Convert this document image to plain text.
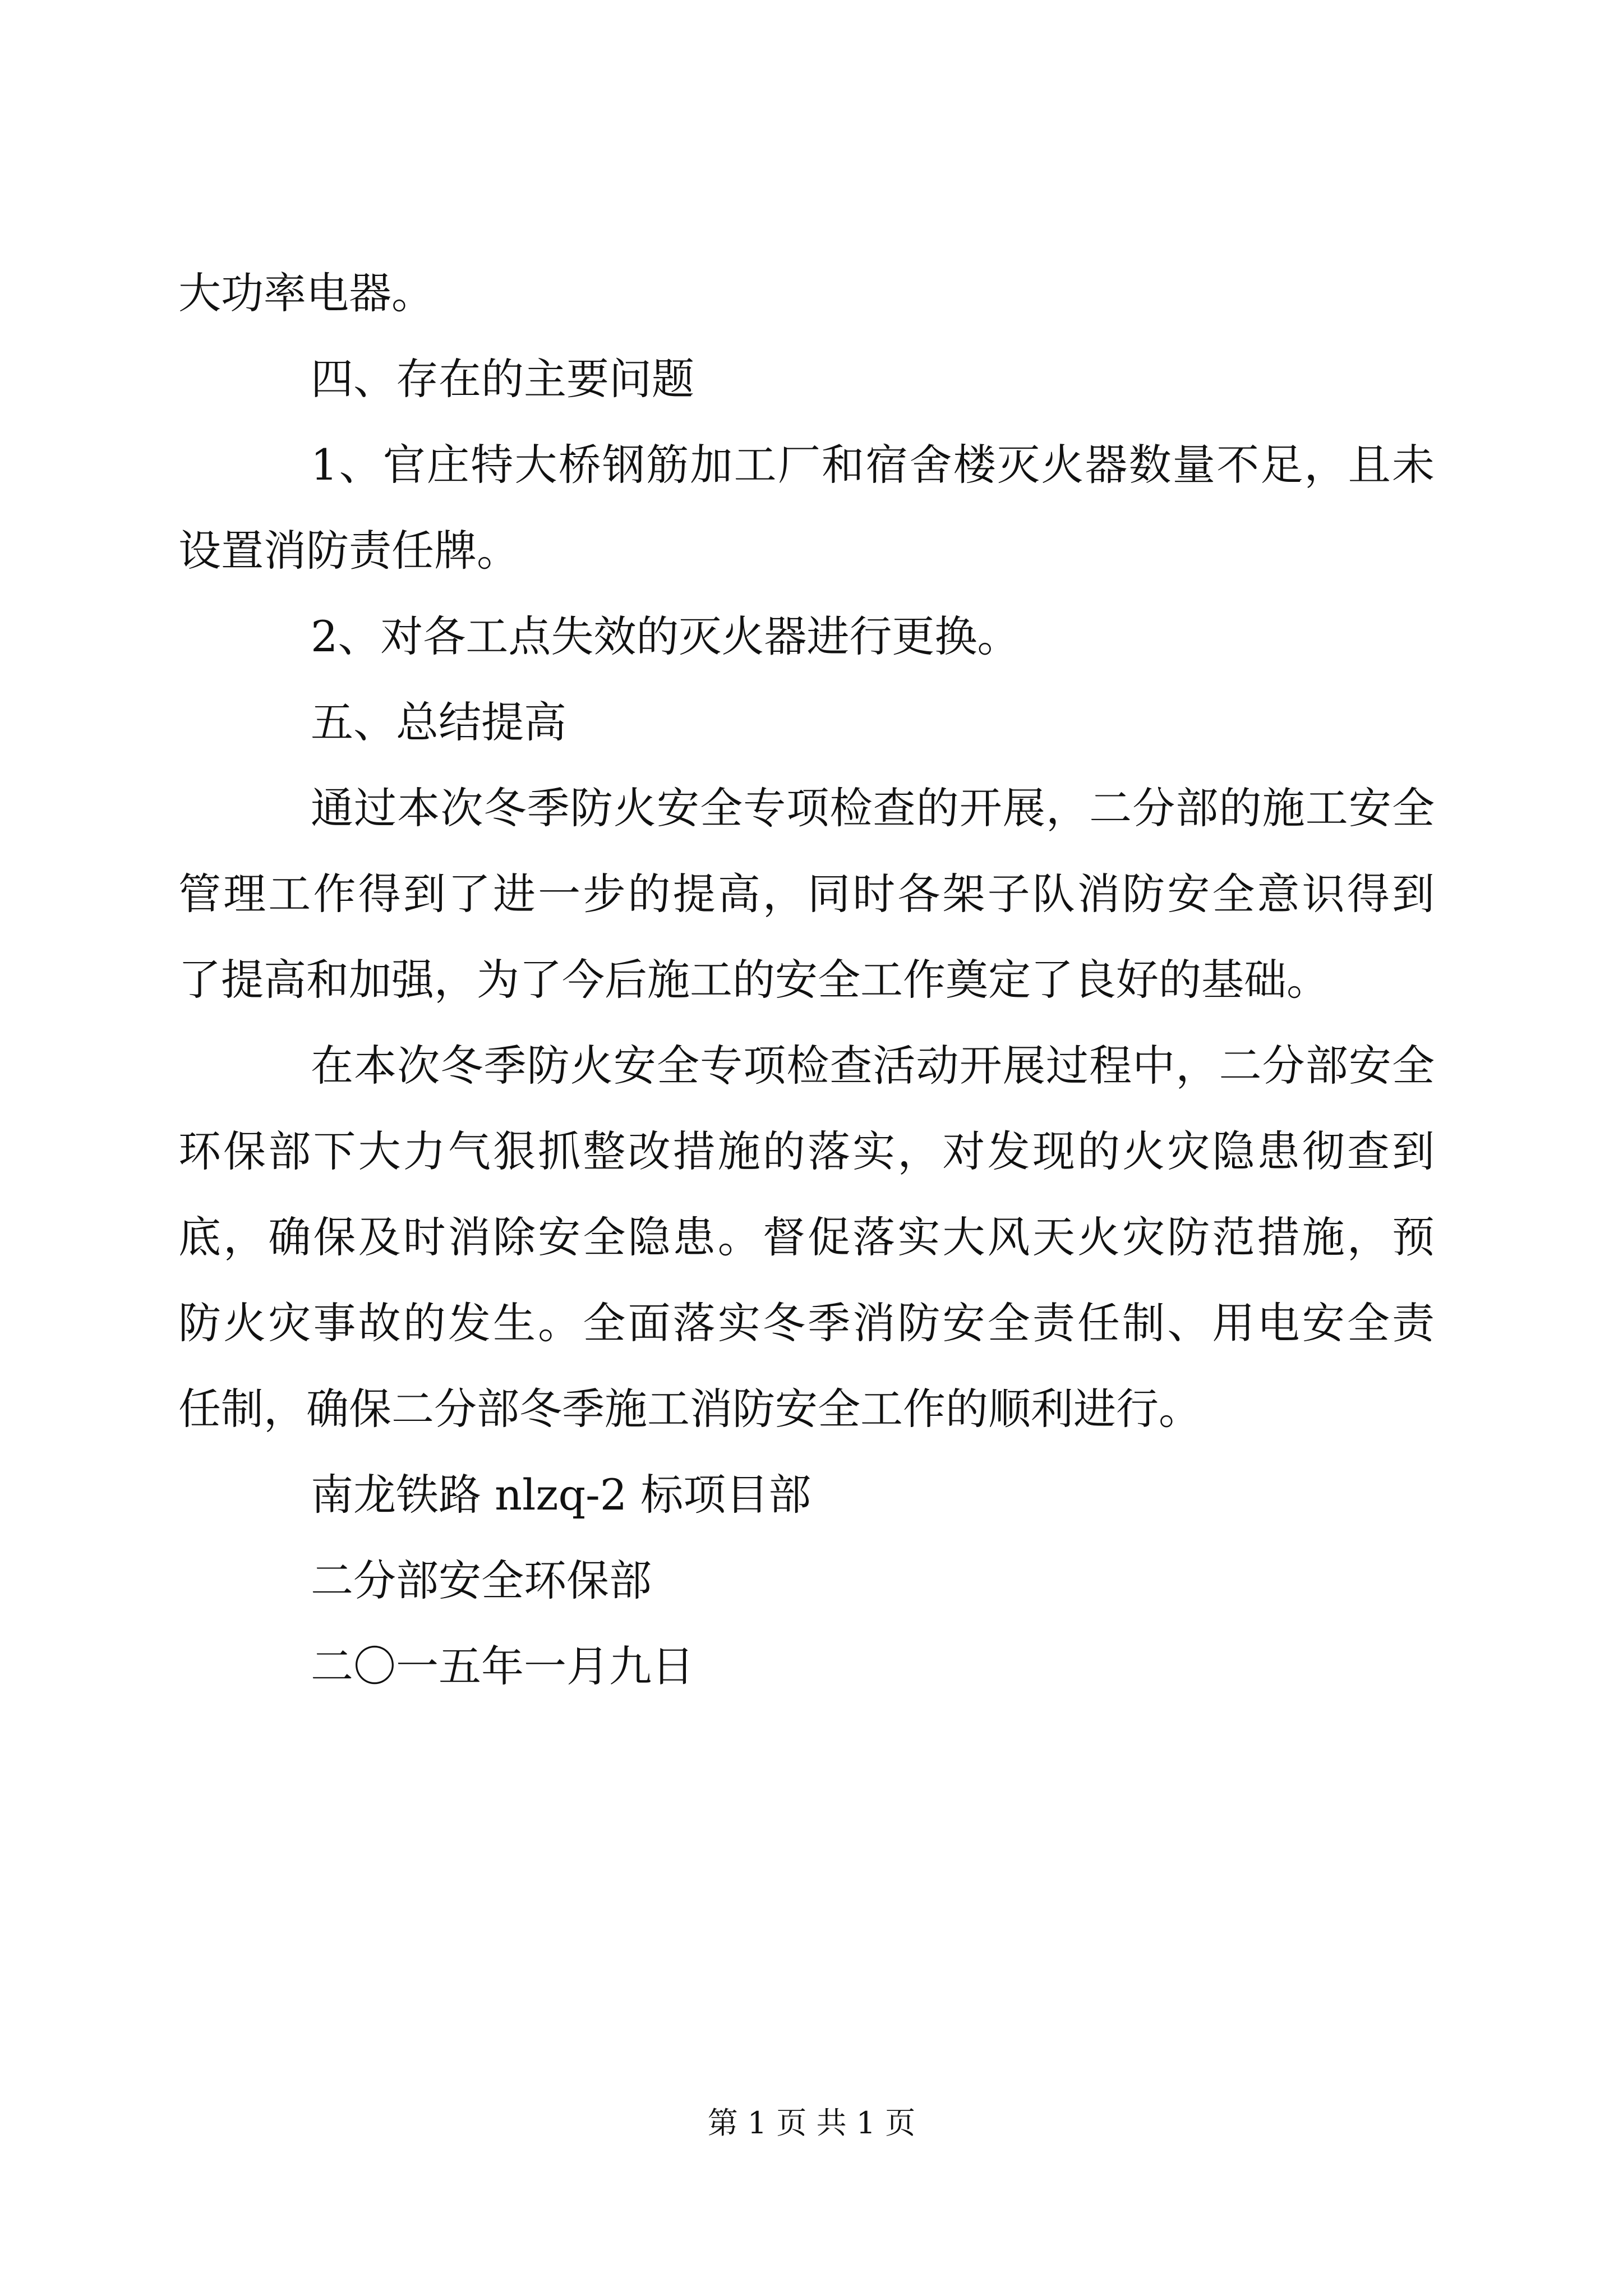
大功率电器。
四、存在的主要问题
1、官庄特大桥钢筋加工厂和宿舍楼灭火器数量不足，且未
设置消防责任牌。
2、对各工点失效的灭火器进行更换。
五、总结提高
通过本次冬季防火安全专项检查的开展，二分部的施工安全
管理工作得到了进一步的提高，同时各架子队消防安全意识得到
了提高和加强，为了今后施工的安全工作奠定了良好的基础。
在本次冬季防火安全专项检查活动开展过程中，二分部安全
环保部下大力气狠抓整改措施的落实，对发现的火灾隐患彻查到
底，确保及时消除安全隐患。督促落实大风天火灾防范措施，预
防火灾事故的发生。全面落实冬季消防安全责任制、用电安全责
任制，确保二分部冬季施工消防安全工作的顺利进行。
南龙铁路 nlzq-2 标项目部
二分部安全环保部
二〇一五年一月九日
第 1 页 共 1 页
